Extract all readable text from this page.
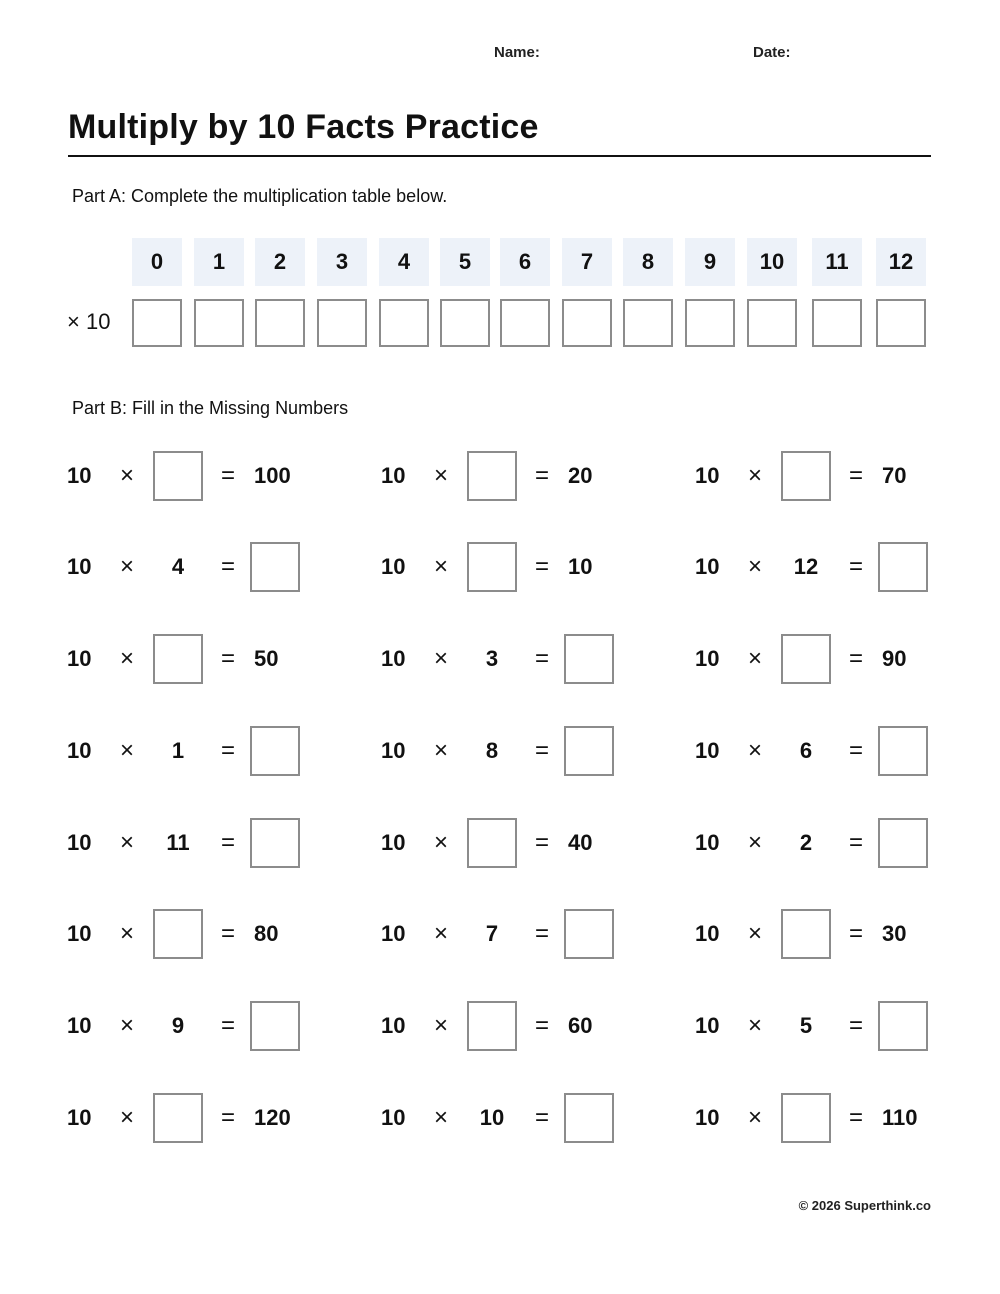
Name:	Date:
Multiply by 10 Facts Practice
Part A: Complete the multiplication table below.
× 10
0	1	2	3	4	5	6	7	8	9	10	11	12
Part B: Fill in the Missing Numbers
10 ×	= 100	10 ×	= 20	10 ×	= 70
10 ×	4	=	10 ×	= 10	10 ×	12	=
10 ×	= 50	10 ×	3	=	10 ×	= 90
10 ×	1	=	10 ×	8	=	10 ×	6	=
10 ×	11	=	10 ×	= 40	10 ×	2	=
10 ×	= 80	10 ×	7	=	10 ×	= 30
10 ×	9	=	10 ×	= 60	10 ×	5	=
10 ×	= 120	10 ×	10	=	10 ×	= 110
© 2026 Superthink.co
